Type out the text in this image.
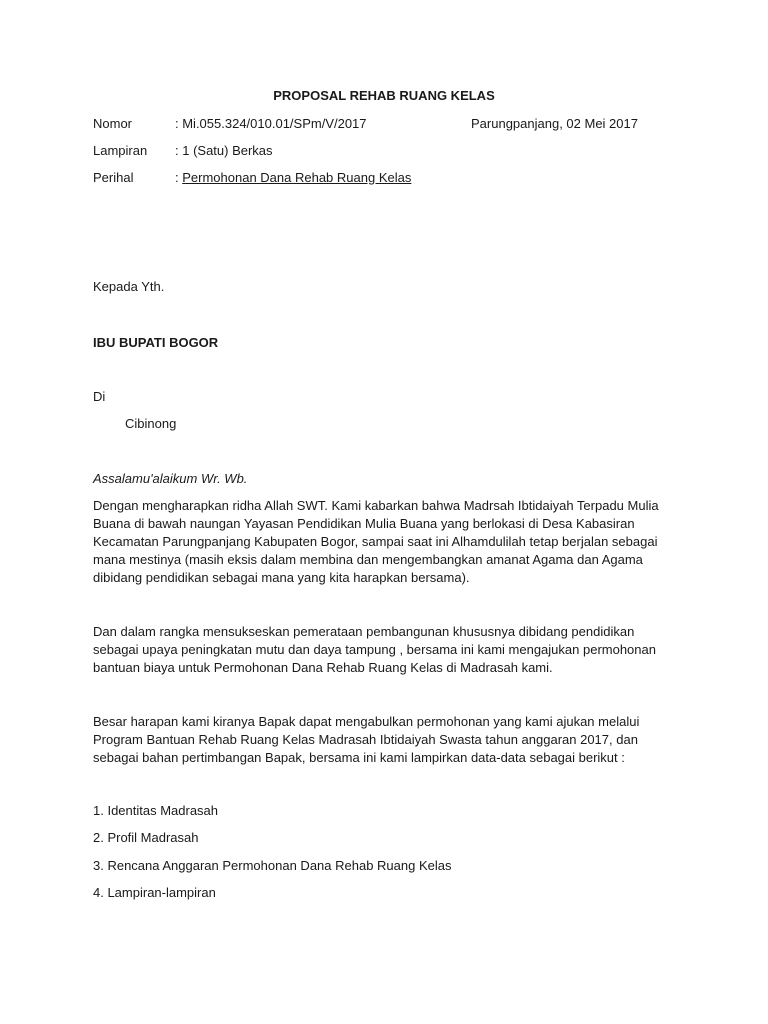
PROPOSAL REHAB RUANG KELAS
Nomor	: Mi.055.324/010.01/SPm/V/2017	Parungpanjang, 02 Mei 2017
Lampiran : 1 (Satu) Berkas
Perihal	: Permohonan Dana Rehab Ruang Kelas
Kepada Yth.
IBU BUPATI BOGOR
Di
Cibinong
Assalamu'alaikum Wr. Wb.
Dengan mengharapkan ridha Allah SWT. Kami kabarkan bahwa Madrsah Ibtidaiyah Terpadu Mulia Buana di bawah naungan Yayasan Pendidikan Mulia Buana yang berlokasi di Desa Kabasiran Kecamatan Parungpanjang Kabupaten Bogor, sampai saat ini Alhamdulilah tetap berjalan sebagai mana mestinya (masih eksis dalam membina dan mengembangkan amanat Agama dan Agama dibidang pendidikan sebagai mana yang kita harapkan bersama).
Dan dalam rangka mensukseskan pemerataan pembangunan khususnya dibidang pendidikan sebagai upaya peningkatan mutu dan daya tampung , bersama ini kami mengajukan permohonan bantuan biaya untuk Permohonan Dana Rehab Ruang Kelas di Madrasah kami.
Besar harapan kami kiranya Bapak dapat mengabulkan permohonan yang kami ajukan melalui Program Bantuan Rehab Ruang Kelas Madrasah Ibtidaiyah Swasta tahun anggaran 2017, dan sebagai bahan pertimbangan Bapak, bersama ini kami lampirkan data-data sebagai berikut :
1. Identitas Madrasah
2. Profil Madrasah
3. Rencana Anggaran Permohonan Dana Rehab Ruang Kelas
4. Lampiran-lampiran
